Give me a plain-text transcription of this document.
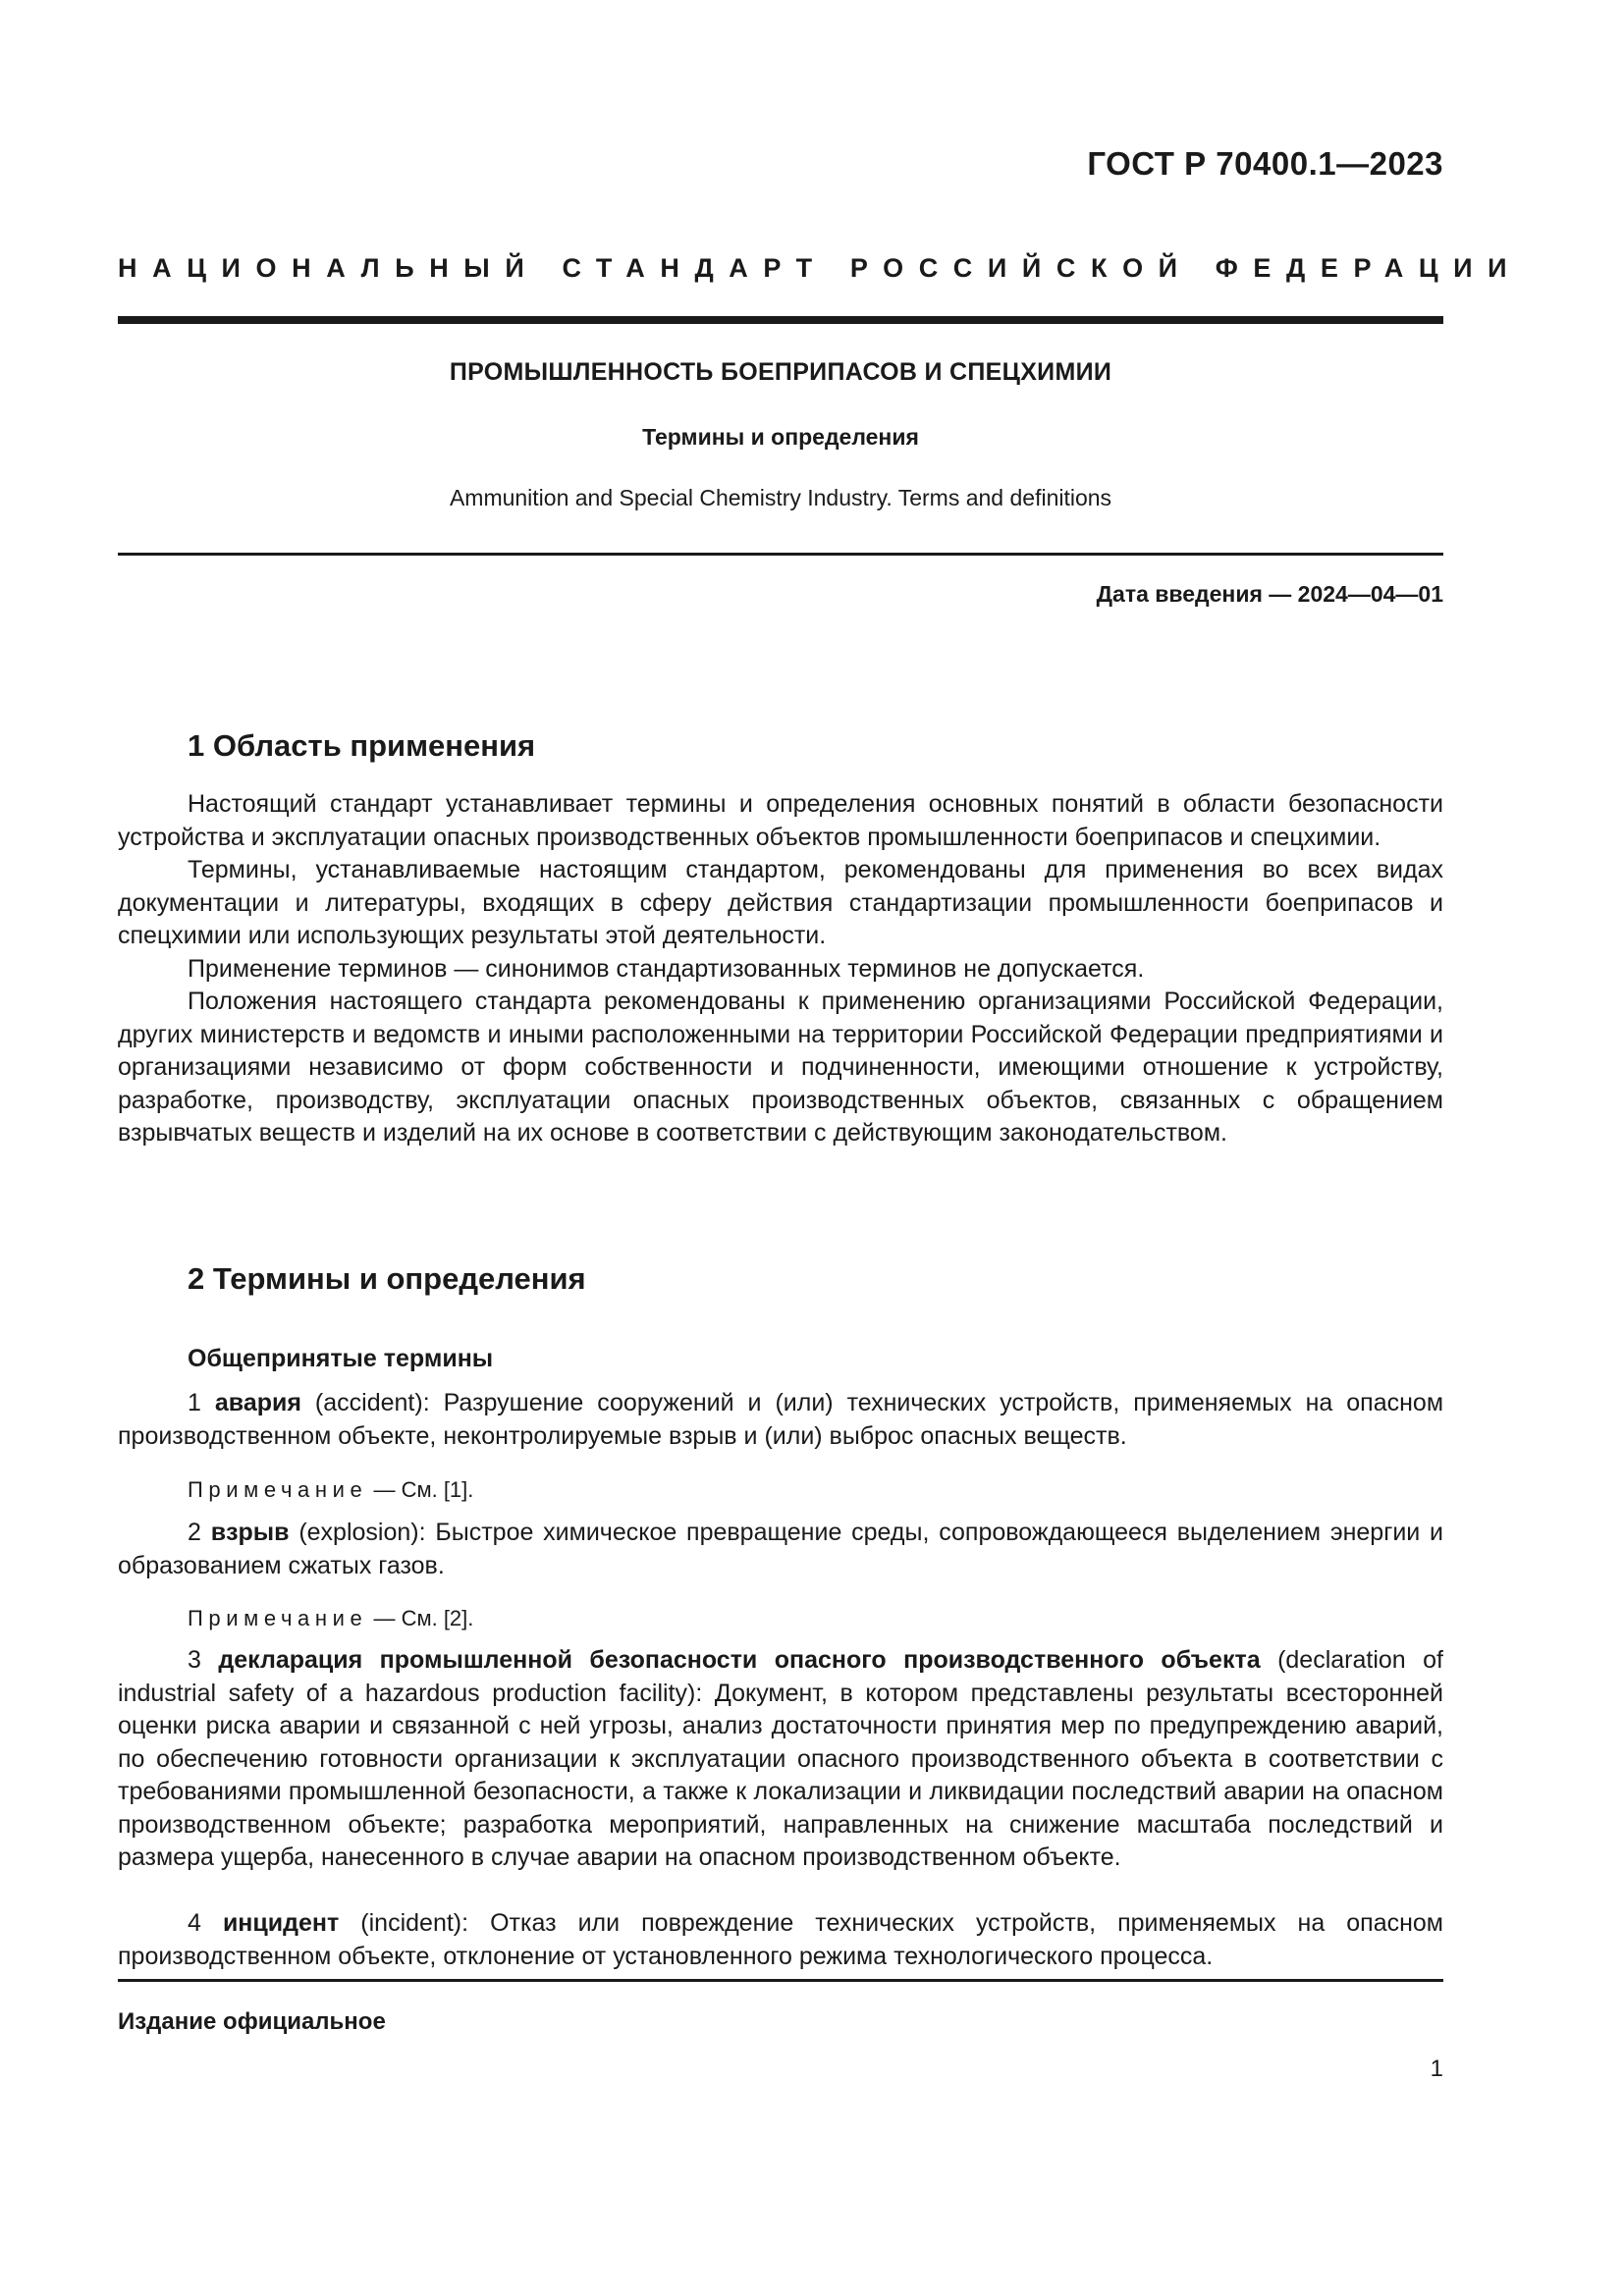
ГОСТ Р 70400.1—2023
НАЦИОНАЛЬНЫЙ СТАНДАРТ РОССИЙСКОЙ ФЕДЕРАЦИИ
ПРОМЫШЛЕННОСТЬ БОЕПРИПАСОВ И СПЕЦХИМИИ
Термины и определения
Ammunition and Special Chemistry Industry. Terms and definitions
Дата введения — 2024—04—01
1 Область применения

Настоящий стандарт устанавливает термины и определения основных понятий в области безопасности устройства и эксплуатации опасных производственных объектов промышленности боеприпасов и спецхимии.

Термины, устанавливаемые настоящим стандартом, рекомендованы для применения во всех видах документации и литературы, входящих в сферу действия стандартизации промышленности боеприпасов и спецхимии или использующих результаты этой деятельности.

Применение терминов — синонимов стандартизованных терминов не допускается.

Положения настоящего стандарта рекомендованы к применению организациями Российской Федерации, других министерств и ведомств и иными расположенными на территории Российской Федерации предприятиями и организациями независимо от форм собственности и подчиненности, имеющими отношение к устройству, разработке, производству, эксплуатации опасных производственных объектов, связанных с обращением взрывчатых веществ и изделий на их основе в соответствии с действующим законодательством.

2 Термины и определения
Общепринятые термины

1 авария (accident): Разрушение сооружений и (или) технических устройств, применяемых на опасном производственном объекте, неконтролируемые взрыв и (или) выброс опасных веществ.

Примечание — См. [1].

2 взрыв (explosion): Быстрое химическое превращение среды, сопровождающееся выделением энергии и образованием сжатых газов.

Примечание — См. [2].

3 декларация промышленной безопасности опасного производственного объекта (declaration of industrial safety of a hazardous production facility): Документ, в котором представлены результаты всесторонней оценки риска аварии и связанной с ней угрозы, анализ достаточности принятия мер по предупреждению аварий, по обеспечению готовности организации к эксплуатации опасного производственного объекта в соответствии с требованиями промышленной безопасности, а также к локализации и ликвидации последствий аварии на опасном производственном объекте; разработка мероприятий, направленных на снижение масштаба последствий и размера ущерба, нанесенного в случае аварии на опасном производственном объекте.

4 инцидент (incident): Отказ или повреждение технических устройств, применяемых на опасном производственном объекте, отклонение от установленного режима технологического процесса.

Издание официальное
1
